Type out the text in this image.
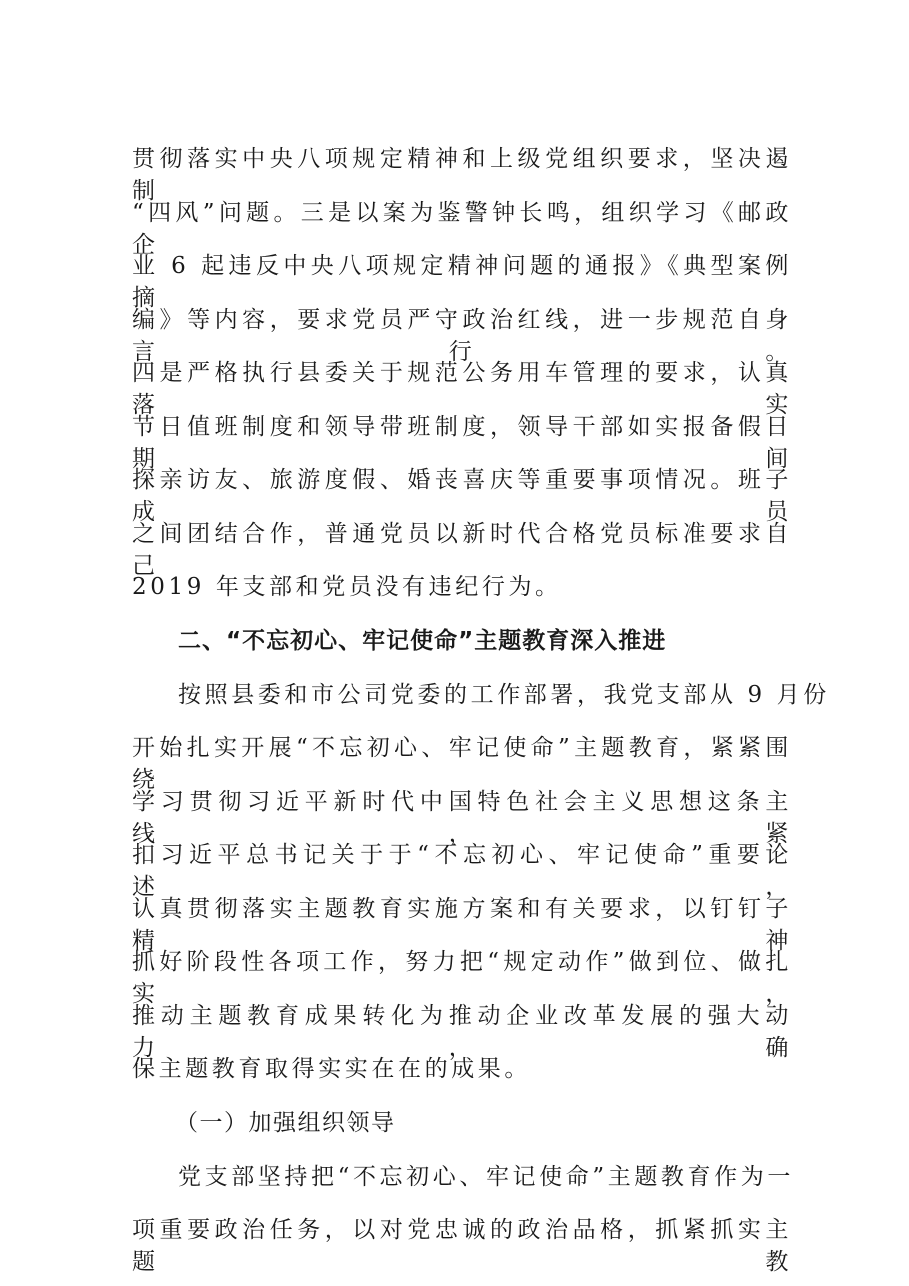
贯彻落实中央八项规定精神和上级党组织要求，坚决遏制
“四风”问题。三是以案为鉴警钟长鸣，组织学习《邮政企
业 6 起违反中央八项规定精神问题的通报》《典型案例摘
编》等内容，要求党员严守政治红线，进一步规范自身言行。
四是严格执行县委关于规范公务用车管理的要求，认真落实
节日值班制度和领导带班制度，领导干部如实报备假日期间
探亲访友、旅游度假、婚丧喜庆等重要事项情况。班子成员
之间团结合作，普通党员以新时代合格党员标准要求自己
2019 年支部和党员没有违纪行为。
二、“不忘初心、牢记使命”主题教育深入推进
按照县委和市公司党委的工作部署，我党支部从 9 月份
开始扎实开展“不忘初心、牢记使命”主题教育，紧紧围绕
学习贯彻习近平新时代中国特色社会主义思想这条主线，紧
扣习近平总书记关于于“不忘初心、牢记使命”重要论述，
认真贯彻落实主题教育实施方案和有关要求，以钉钉子精神
抓好阶段性各项工作，努力把“规定动作”做到位、做扎实，
推动主题教育成果转化为推动企业改革发展的强大动力，确
保主题教育取得实实在在的成果。
（一）加强组织领导
党支部坚持把“不忘初心、牢记使命”主题教育作为一
项重要政治任务，以对党忠诚的政治品格，抓紧抓实主题教
